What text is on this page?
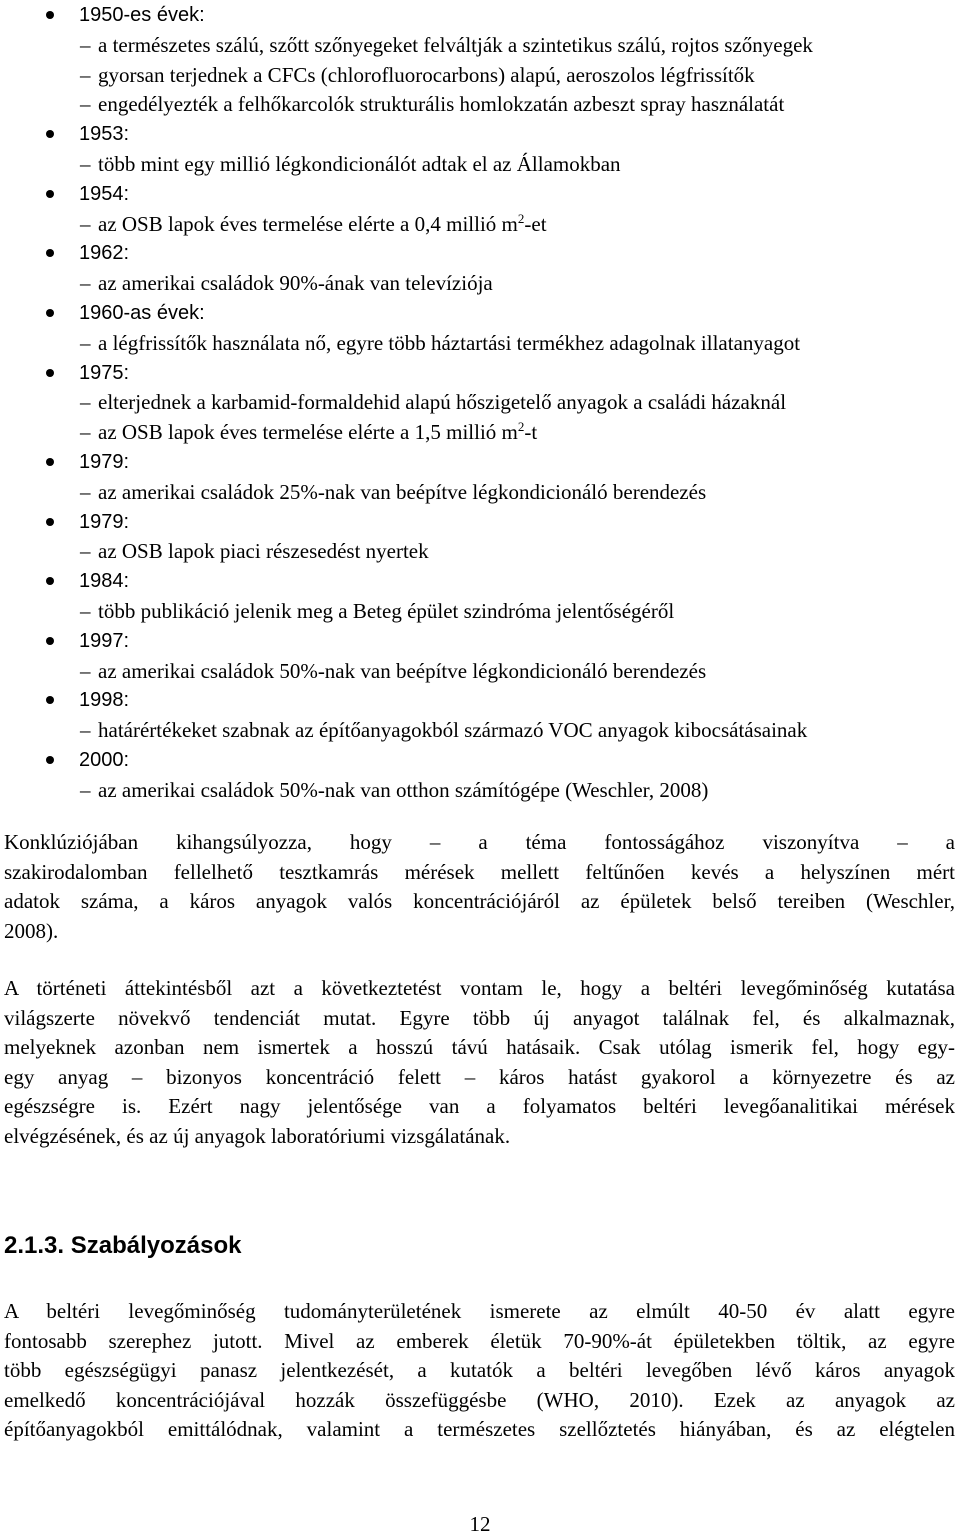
1950-es évek:
– a természetes szálú, szőtt szőnyegeket felváltják a szintetikus szálú, rojtos szőnyegek
– gyorsan terjednek a CFCs (chlorofluorocarbons) alapú, aeroszolos légfrissítők
– engedélyezték a felhőkarcolók strukturális homlokzatán azbeszt spray használatát
1953:
– több mint egy millió légkondicionálót adtak el az Államokban
1954:
– az OSB lapok éves termelése elérte a 0,4 millió $m^2-et$
1962:
– az amerikai családok 90%-ának van televíziója
1960-as évek:
– a légfrissítők használata nő, egyre több háztartási termékhez adagolnak illatanyagot
1975:
– elterjednek a karbamid-formaldehid alapú hőszigetelő anyagok a családi házaknál
– az OSB lapok éves termelése elérte a 1,5 millió $m^2-t$
1979:
– az amerikai családok 25%-nak van beépítve légkondicionáló berendezés
1979:
– az OSB lapok piaci részesedést nyertek
1984:
– több publikáció jelenik meg a Beteg épület szindróma jelentőségéről
1997:
– az amerikai családok 50%-nak van beépítve légkondicionáló berendezés
1998:
– határértékeket szabnak az építőanyagokból származó VOC anyagok kibocsátásainak
2000:
– az amerikai családok 50%-nak van otthon számítógépe (Weschler, 2008)

Konklúziójában kihangsúlyozza, hogy – a téma fontosságához viszonyítva – a
szakirodalomban fellelhető tesztkamrás mérések mellett feltűnően kevés a helyszínen mért
adatok száma, a káros anyagok valós koncentrációjáról az épületek belső tereiben (Weschler,
2008).

A történeti áttekintésből azt a következtetést vontam le, hogy a beltéri levegőminőség kutatása
világszerte növekvő tendenciát mutat. Egyre több új anyagot találnak fel, és alkalmaznak,
melyeknek azonban nem ismertek a hosszú távú hatásaik. Csak utólag ismerik fel, hogy egy-
egy anyag – bizonyos koncentráció felett – káros hatást gyakorol a környezetre és az
egészségre is. Ezért nagy jelentősége van a folyamatos beltéri levegőanalitikai mérések
elvégzésének, és az új anyagok laboratóriumi vizsgálatának.

2.1.3. Szabályozások

A beltéri levegőminőség tudományterületének ismerete az elmúlt 40-50 év alatt egyre
fontosabb szerephez jutott. Mivel az emberek életük 70-90%-át épületekben töltik, az egyre
több egészségügyi panasz jelentkezését, a kutatók a beltéri levegőben lévő káros anyagok
emelkedő koncentrációjával hozzák összefüggésbe (WHO, 2010). Ezek az anyagok az
építőanyagokból emittálódnak, valamint a természetes szellőztetés hiányában, és az elégtelen

12
